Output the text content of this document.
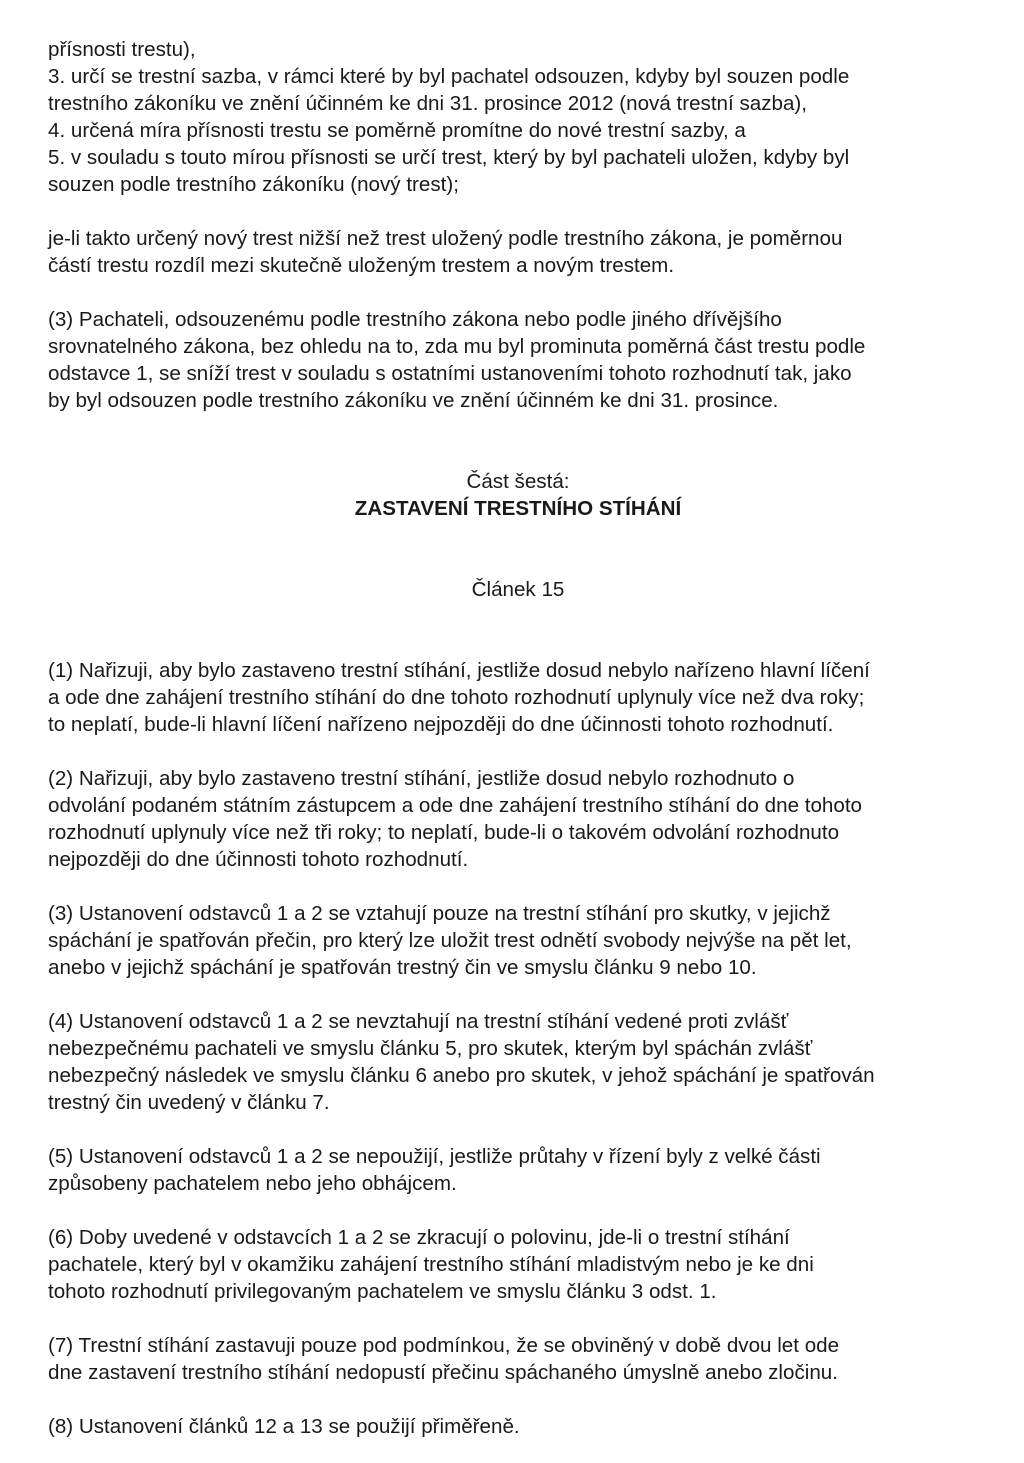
přísnosti trestu),
3. určí se trestní sazba, v rámci které by byl pachatel odsouzen, kdyby byl souzen podle
trestního zákoníku ve znění účinném ke dni 31. prosince 2012 (nová trestní sazba),
4. určená míra přísnosti trestu se poměrně promítne do nové trestní sazby, a
5. v souladu s touto mírou přísnosti se určí trest, který by byl pachateli uložen, kdyby byl
souzen podle trestního zákoníku (nový trest);
je-li takto určený nový trest nižší než trest uložený podle trestního zákona, je poměrnou
částí trestu rozdíl mezi skutečně uloženým trestem a novým trestem.
(3) Pachateli, odsouzenému podle trestního zákona nebo podle jiného dřívějšího
srovnatelného zákona, bez ohledu na to, zda mu byl prominuta poměrná část trestu podle
odstavce 1, se sníží trest v souladu s ostatními ustanoveními tohoto rozhodnutí tak, jako
by byl odsouzen podle trestního zákoníku ve znění účinném ke dni 31. prosince.
Část šestá:
ZASTAVENÍ TRESTNÍHO STÍHÁNÍ
Článek 15
(1) Nařizuji, aby bylo zastaveno trestní stíhání, jestliže dosud nebylo nařízeno hlavní líčení
a ode dne zahájení trestního stíhání do dne tohoto rozhodnutí uplynuly více než dva roky;
to neplatí, bude-li hlavní líčení nařízeno nejpozději do dne účinnosti tohoto rozhodnutí.
(2) Nařizuji, aby bylo zastaveno trestní stíhání, jestliže dosud nebylo rozhodnuto o
odvolání podaném státním zástupcem a ode dne zahájení trestního stíhání do dne tohoto
rozhodnutí uplynuly více než tři roky; to neplatí, bude-li o takovém odvolání rozhodnuto
nejpozději do dne účinnosti tohoto rozhodnutí.
(3) Ustanovení odstavců 1 a 2 se vztahují pouze na trestní stíhání pro skutky, v jejichž
spáchání je spatřován přečin, pro který lze uložit trest odnětí svobody nejvýše na pět let,
anebo v jejichž spáchání je spatřován trestný čin ve smyslu článku 9 nebo 10.
(4) Ustanovení odstavců 1 a 2 se nevztahují na trestní stíhání vedené proti zvlášť
nebezpečnému pachateli ve smyslu článku 5, pro skutek, kterým byl spáchán zvlášť
nebezpečný následek ve smyslu článku 6 anebo pro skutek, v jehož spáchání je spatřován
trestný čin uvedený v článku 7.
(5) Ustanovení odstavců 1 a 2 se nepoužijí, jestliže průtahy v řízení byly z velké části
způsobeny pachatelem nebo jeho obhájcem.
(6) Doby uvedené v odstavcích 1 a 2 se zkracují o polovinu, jde-li o trestní stíhání
pachatele, který byl v okamžiku zahájení trestního stíhání mladistvým nebo je ke dni
tohoto rozhodnutí privilegovaným pachatelem ve smyslu článku 3 odst. 1.
(7) Trestní stíhání zastavuji pouze pod podmínkou, že se obviněný v době dvou let ode
dne zastavení trestního stíhání nedopustí přečinu spáchaného úmyslně anebo zločinu.
(8) Ustanovení článků 12 a 13 se použijí přiměřeně.
